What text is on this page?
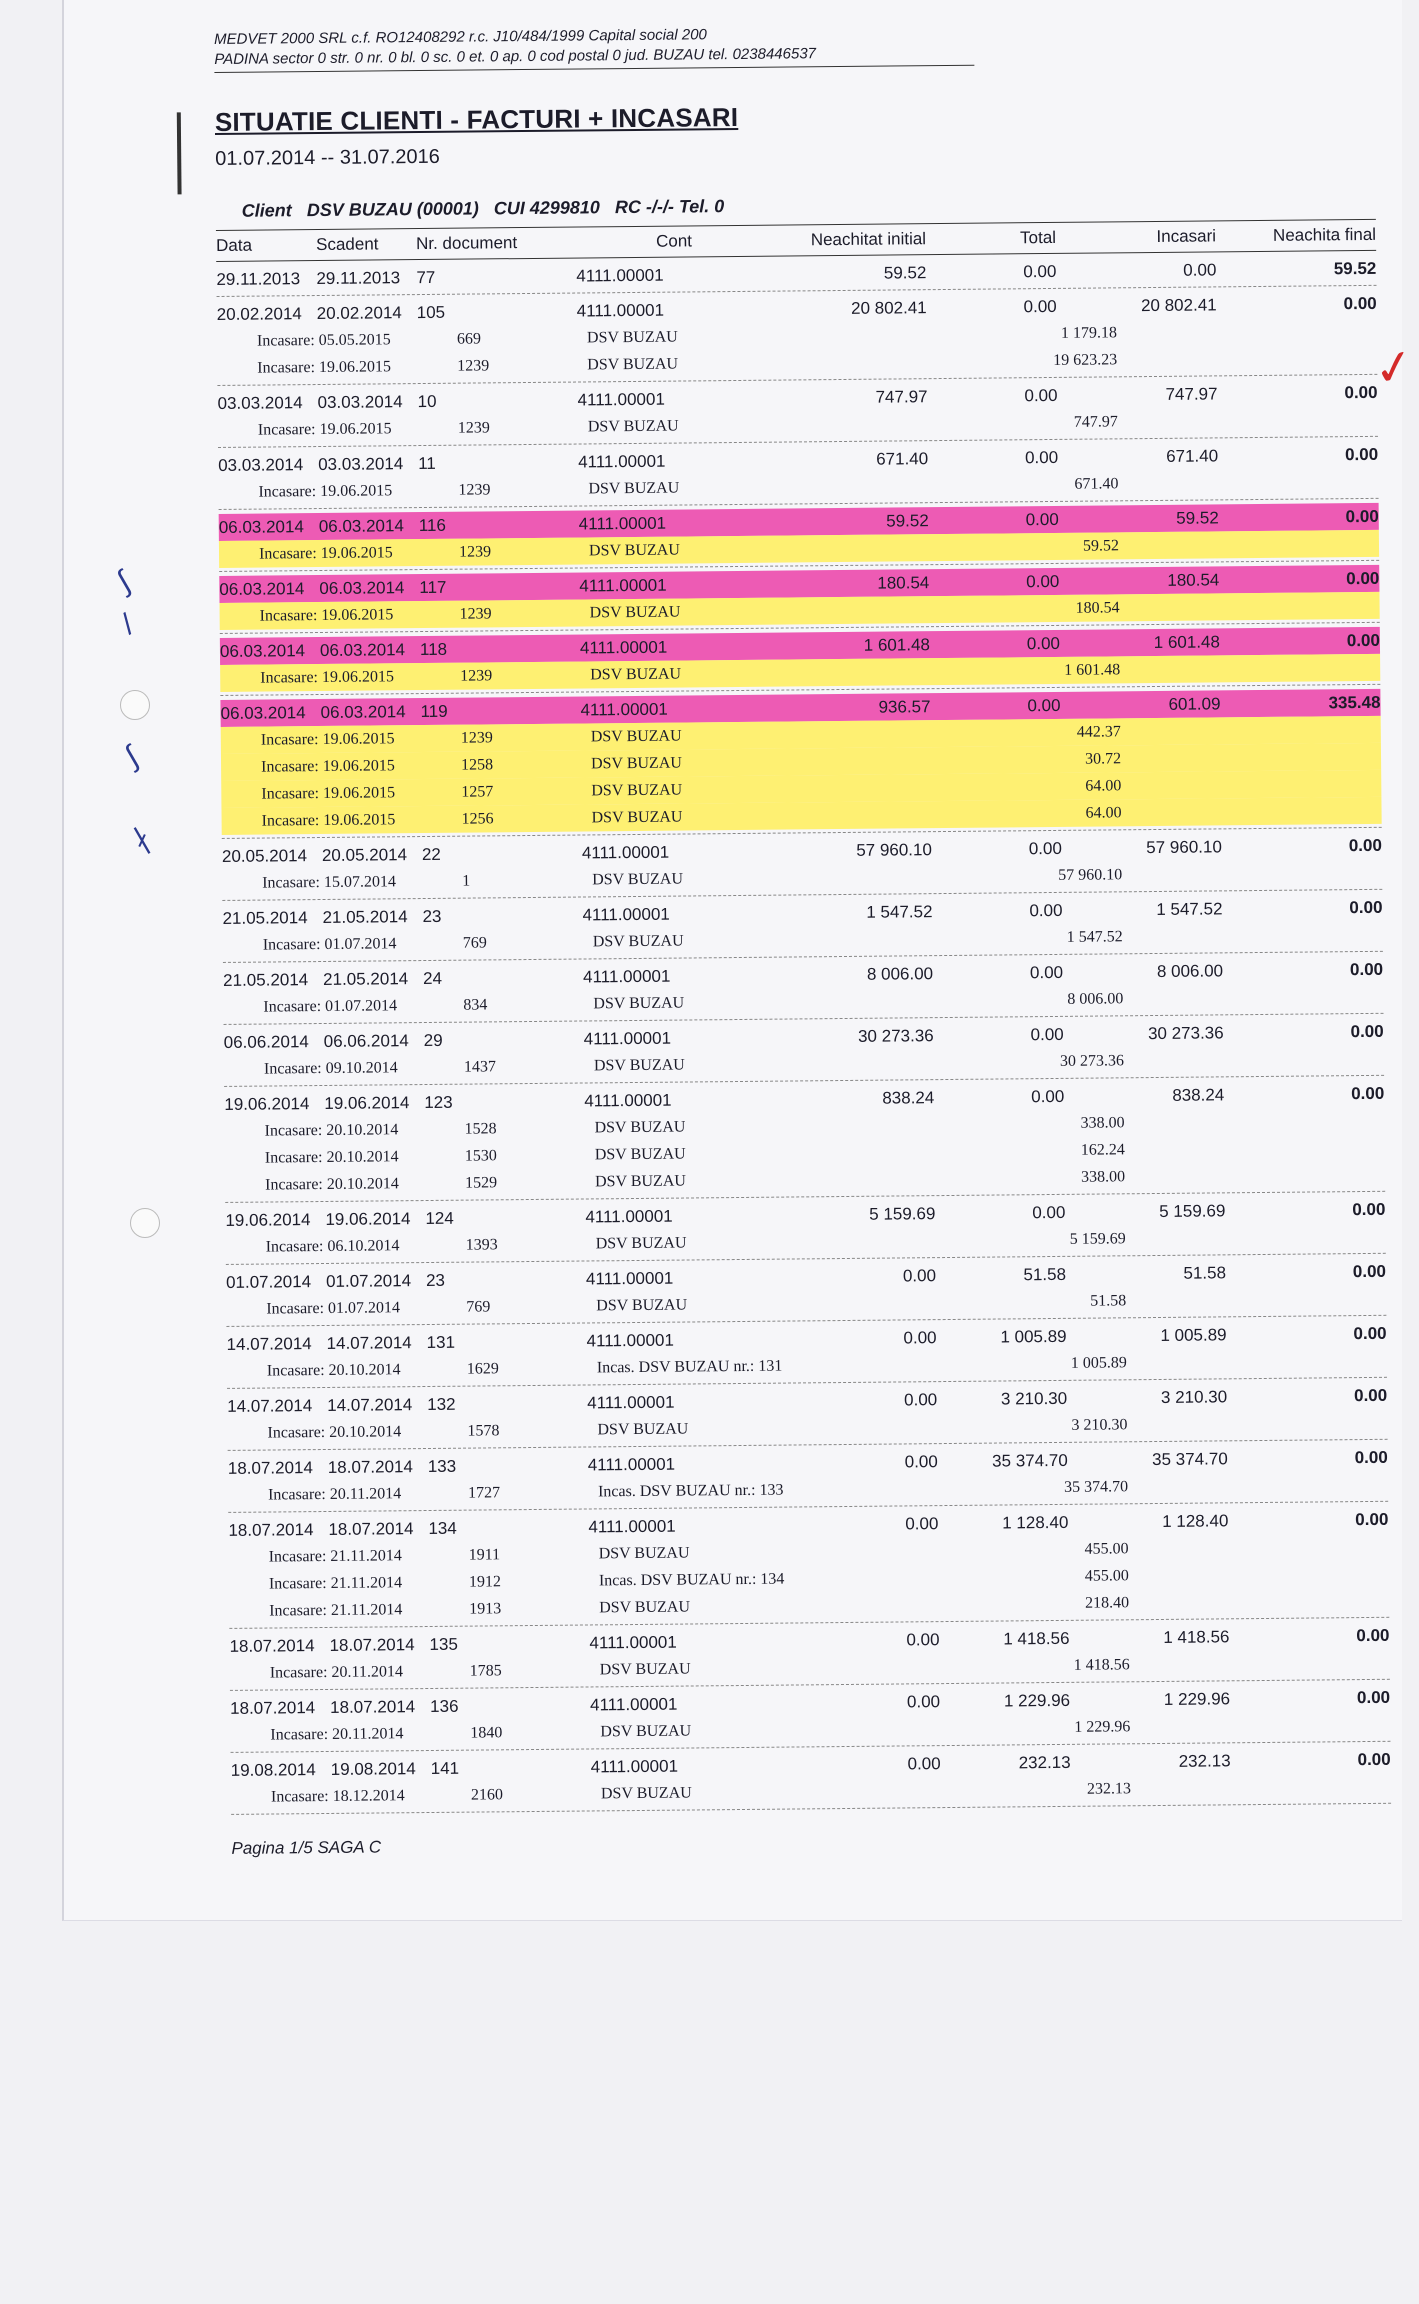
MEDVET 2000 SRL c.f. RO12408292 r.c. J10/484/1999 Capital social 200
PADINA sector 0 str. 0 nr. 0 bl. 0 sc. 0 et. 0 ap. 0 cod postal 0 jud. BUZAU tel. 0238446537
SITUATIE CLIENTI - FACTURI + INCASARI
01.07.2014 -- 31.07.2016
Client DSV BUZAU (00001) CUI 4299810 RC -/-/- Tel. 0
Data	Scadent	Nr. document	Cont	Neachitat initial	Total	Incasari	Neachita final
29.11.2013 29.11.2013 77	4111.00001	59.52	0.00	0.00	59.52
20.02.2014 20.02.2014 105	4111.00001	20 802.41	0.00	20 802.41	0.00
Incasare: 05.05.2015	669	DSV BUZAU	1 179.18
Incasare: 19.06.2015	1239	DSV BUZAU	19 623.23
03.03.2014 03.03.2014 10	4111.00001	747.97	0.00	747.97	0.00
Incasare: 19.06.2015	1239	DSV BUZAU	747.97
03.03.2014 03.03.2014 11	4111.00001	671.40	0.00	671.40	0.00
Incasare: 19.06.2015	1239	DSV BUZAU	671.40
06.03.2014 06.03.2014 116	4111.00001	59.52	0.00	59.52	0.00
Incasare: 19.06.2015	1239	DSV BUZAU	59.52
06.03.2014 06.03.2014 117	4111.00001	180.54	0.00	180.54	0.00
Incasare: 19.06.2015	1239	DSV BUZAU	180.54
06.03.2014 06.03.2014 118	4111.00001	1 601.48	0.00	1 601.48	0.00
Incasare: 19.06.2015	1239	DSV BUZAU	1 601.48
06.03.2014 06.03.2014 119	4111.00001	936.57	0.00	601.09	335.48
Incasare: 19.06.2015	1239	DSV BUZAU	442.37
Incasare: 19.06.2015	1258	DSV BUZAU	30.72
Incasare: 19.06.2015	1257	DSV BUZAU	64.00
Incasare: 19.06.2015	1256	DSV BUZAU	64.00
20.05.2014 20.05.2014 22	4111.00001	57 960.10	0.00	57 960.10	0.00
Incasare: 15.07.2014	1	DSV BUZAU	57 960.10
21.05.2014 21.05.2014 23	4111.00001	1 547.52	0.00	1 547.52	0.00
Incasare: 01.07.2014	769	DSV BUZAU	1 547.52
21.05.2014 21.05.2014 24	4111.00001	8 006.00	0.00	8 006.00	0.00
Incasare: 01.07.2014	834	DSV BUZAU	8 006.00
06.06.2014 06.06.2014 29	4111.00001	30 273.36	0.00	30 273.36	0.00
Incasare: 09.10.2014	1437	DSV BUZAU	30 273.36
19.06.2014 19.06.2014 123	4111.00001	838.24	0.00	838.24	0.00
Incasare: 20.10.2014	1528	DSV BUZAU	338.00
Incasare: 20.10.2014	1530	DSV BUZAU	162.24
Incasare: 20.10.2014	1529	DSV BUZAU	338.00
19.06.2014 19.06.2014 124	4111.00001	5 159.69	0.00	5 159.69	0.00
Incasare: 06.10.2014	1393	DSV BUZAU	5 159.69
01.07.2014 01.07.2014 23	4111.00001	0.00	51.58	51.58	0.00
Incasare: 01.07.2014	769	DSV BUZAU	51.58
14.07.2014 14.07.2014 131	4111.00001	0.00	1 005.89	1 005.89	0.00
Incasare: 20.10.2014	1629	Incas. DSV BUZAU nr.: 131	1 005.89
14.07.2014 14.07.2014 132	4111.00001	0.00	3 210.30	3 210.30	0.00
Incasare: 20.10.2014	1578	DSV BUZAU	3 210.30
18.07.2014 18.07.2014 133	4111.00001	0.00	35 374.70	35 374.70	0.00
Incasare: 20.11.2014	1727	Incas. DSV BUZAU nr.: 133	35 374.70
18.07.2014 18.07.2014 134	4111.00001	0.00	1 128.40	1 128.40	0.00
Incasare: 21.11.2014	1911	DSV BUZAU	455.00
Incasare: 21.11.2014	1912	Incas. DSV BUZAU nr.: 134	455.00
Incasare: 21.11.2014	1913	DSV BUZAU	218.40
18.07.2014 18.07.2014 135	4111.00001	0.00	1 418.56	1 418.56	0.00
Incasare: 20.11.2014	1785	DSV BUZAU	1 418.56
18.07.2014 18.07.2014 136	4111.00001	0.00	1 229.96	1 229.96	0.00
Incasare: 20.11.2014	1840	DSV BUZAU	1 229.96
19.08.2014 19.08.2014 141	4111.00001	0.00	232.13	232.13	0.00
Incasare: 18.12.2014	2160	DSV BUZAU	232.13
Pagina 1/5 SAGA C
✓
∫
/
∫
∤
